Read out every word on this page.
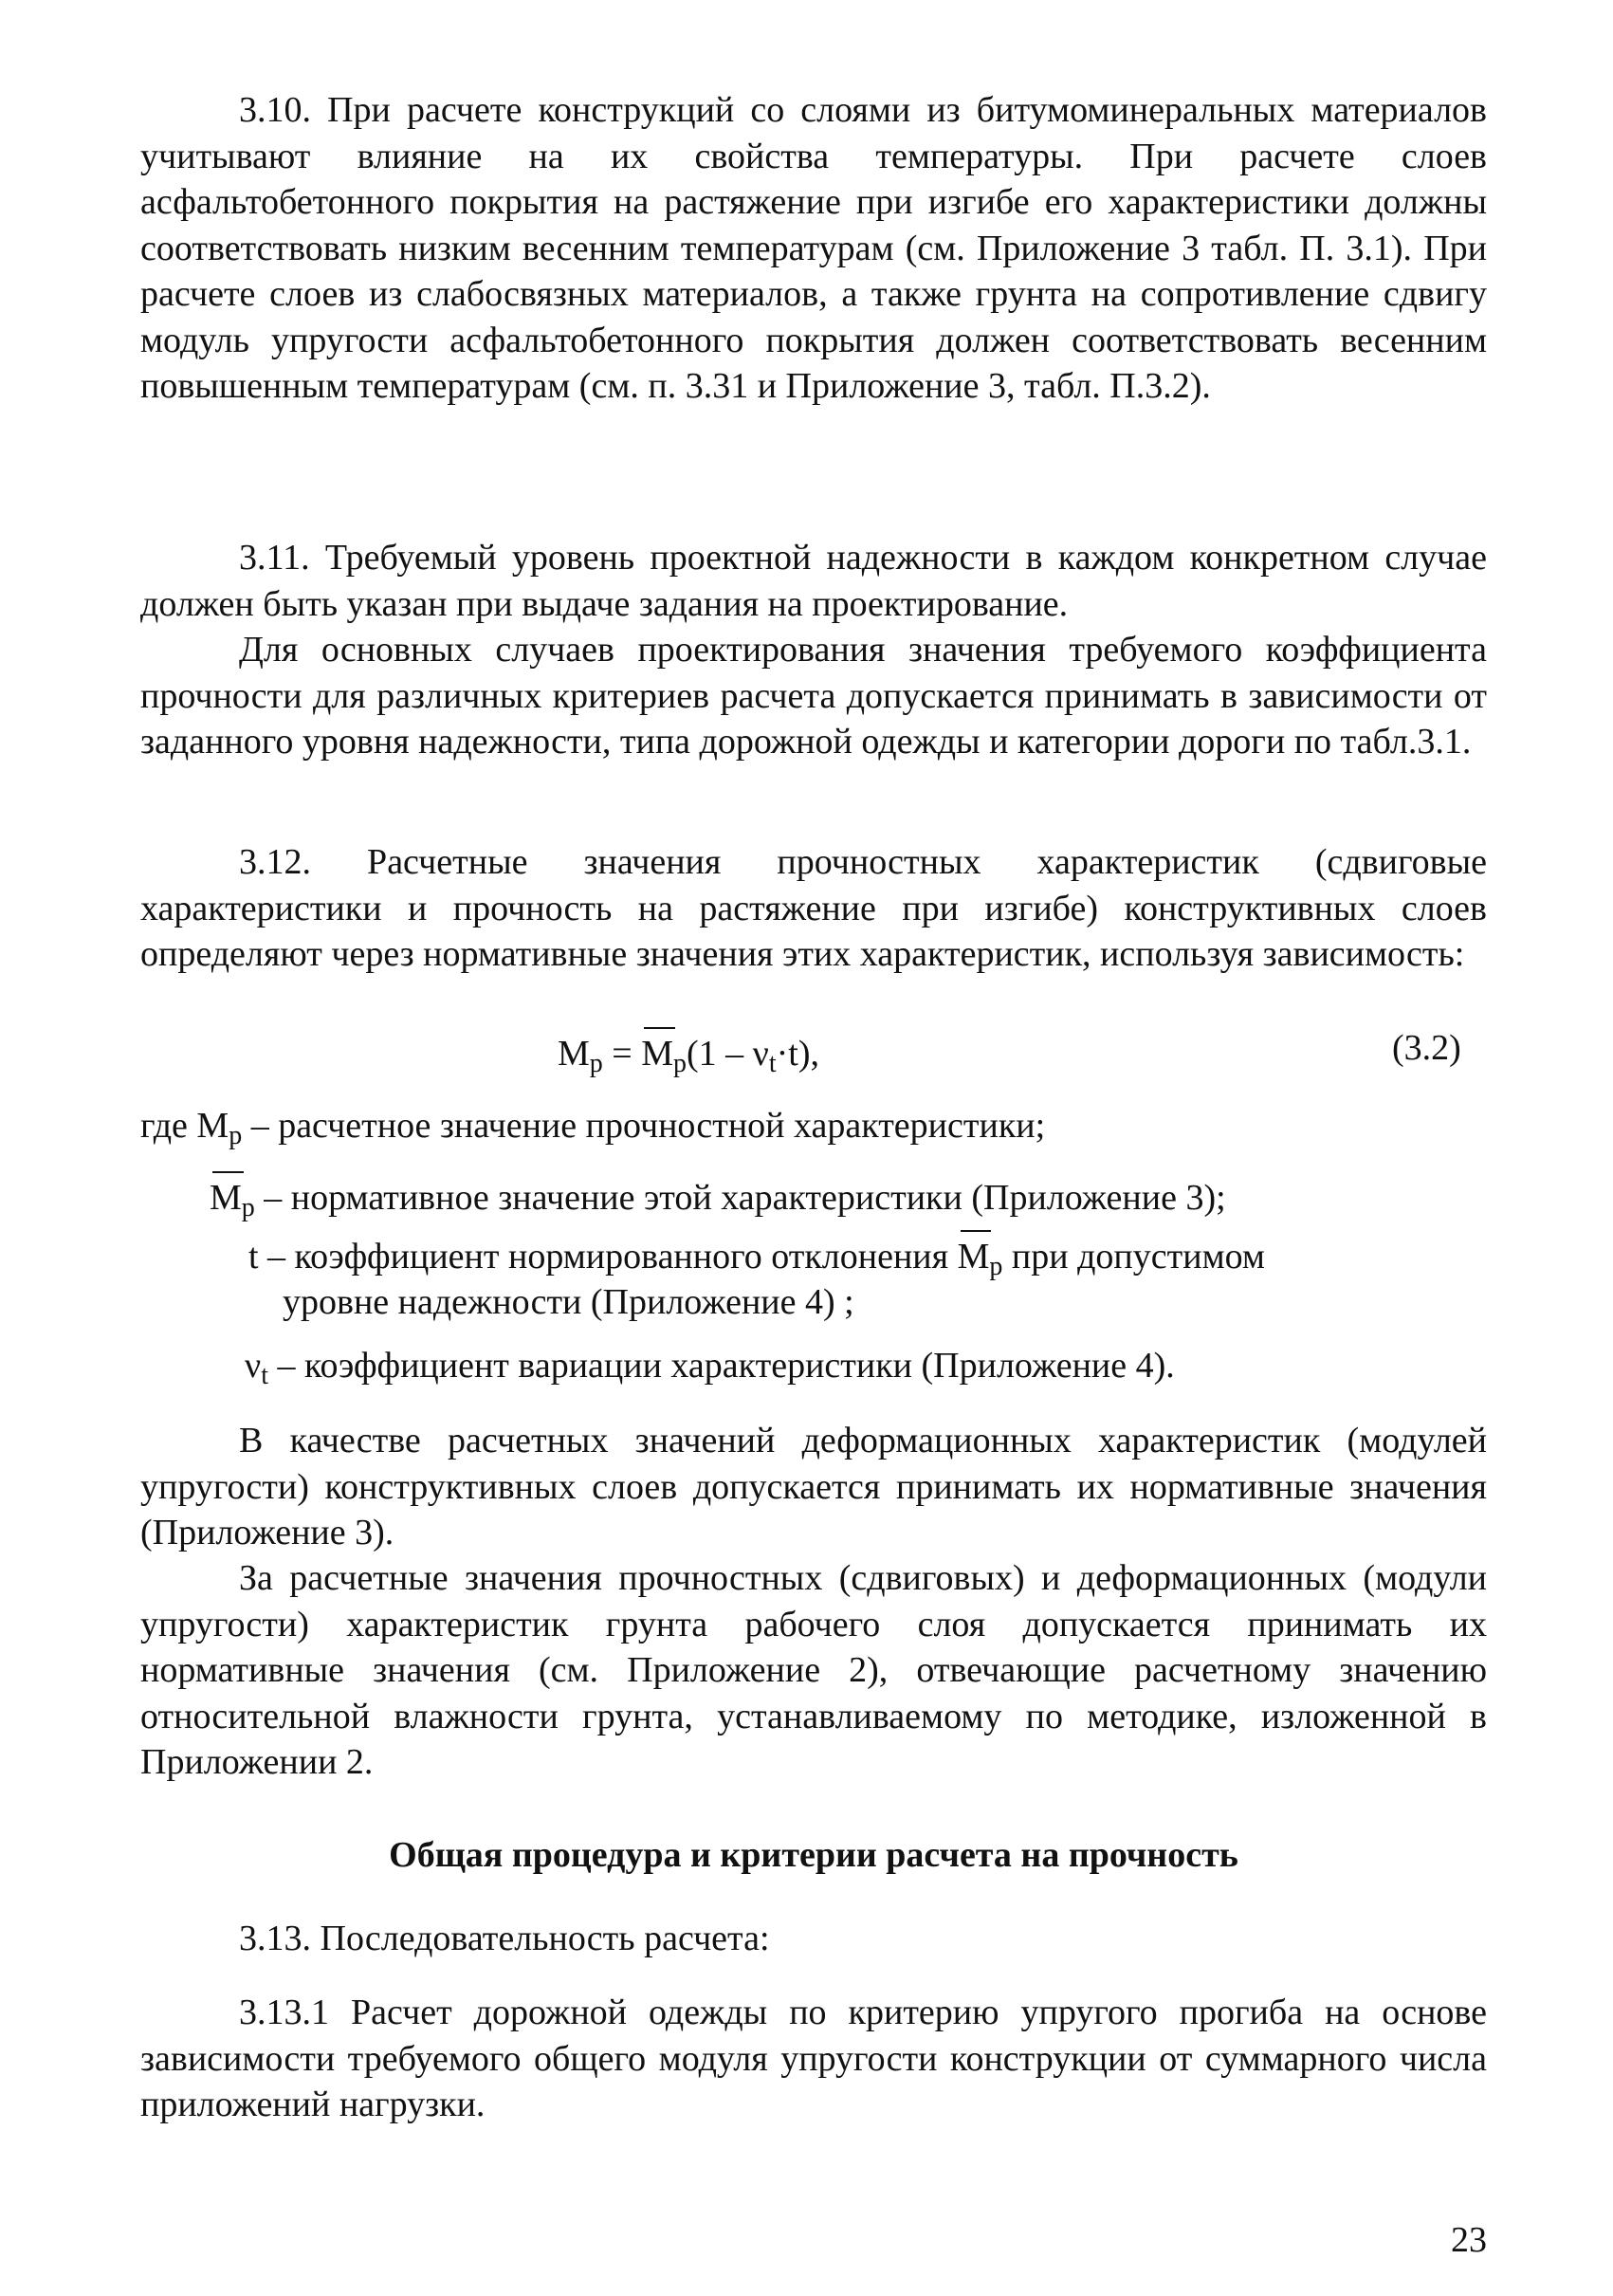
3.10. При расчете конструкций со слоями из битумоминеральных материалов учитывают влияние на их свойства температуры. При расчете слоев асфальтобетонного покрытия на растяжение при изгибе его характеристики должны соответствовать низким весенним температурам (см. Приложение 3 табл. П. 3.1). При расчете слоев из слабосвязных материалов, а также грунта на сопротивление сдвигу модуль упругости асфальтобетонного покрытия должен соответствовать весенним повышенным температурам (см. п. 3.31 и Приложение 3, табл. П.3.2).

3.11. Требуемый уровень проектной надежности в каждом конкретном случае должен быть указан при выдаче задания на проектирование.

Для основных случаев проектирования значения требуемого коэффициента прочности для различных критериев расчета допускается принимать в зависимости от заданного уровня надежности, типа дорожной одежды и категории дороги по табл.3.1.

3.12. Расчетные значения прочностных характеристик (сдвиговые характеристики и прочность на растяжение при изгибе) конструктивных слоев определяют через нормативные значения этих характеристик, используя зависимость:

$M_p = M_p(1 - \nu_t\cdot t)$,	(3.2)
где $M_p$ – расчетное значение прочностной характеристики;
$M_p$ – нормативное значение этой характеристики (Приложение 3);
t – коэффициент нормированного отклонения $M_p$ при допустимом
уровне надежности (Приложение 4) ;
$\nu_t$ – коэффициент вариации характеристики (Приложение 4).

В качестве расчетных значений деформационных характеристик (модулей упругости) конструктивных слоев допускается принимать их нормативные значения (Приложение 3).

За расчетные значения прочностных (сдвиговых) и деформационных (модули упругости) характеристик грунта рабочего слоя допускается принимать их нормативные значения (см. Приложение 2), отвечающие расчетному значению относительной влажности грунта, устанавливаемому по методике, изложенной в Приложении 2.

Общая процедура и критерии расчета на прочность

3.13. Последовательность расчета:

3.13.1 Расчет дорожной одежды по критерию упругого прогиба на основе зависимости требуемого общего модуля упругости конструкции от суммарного числа приложений нагрузки.

23
